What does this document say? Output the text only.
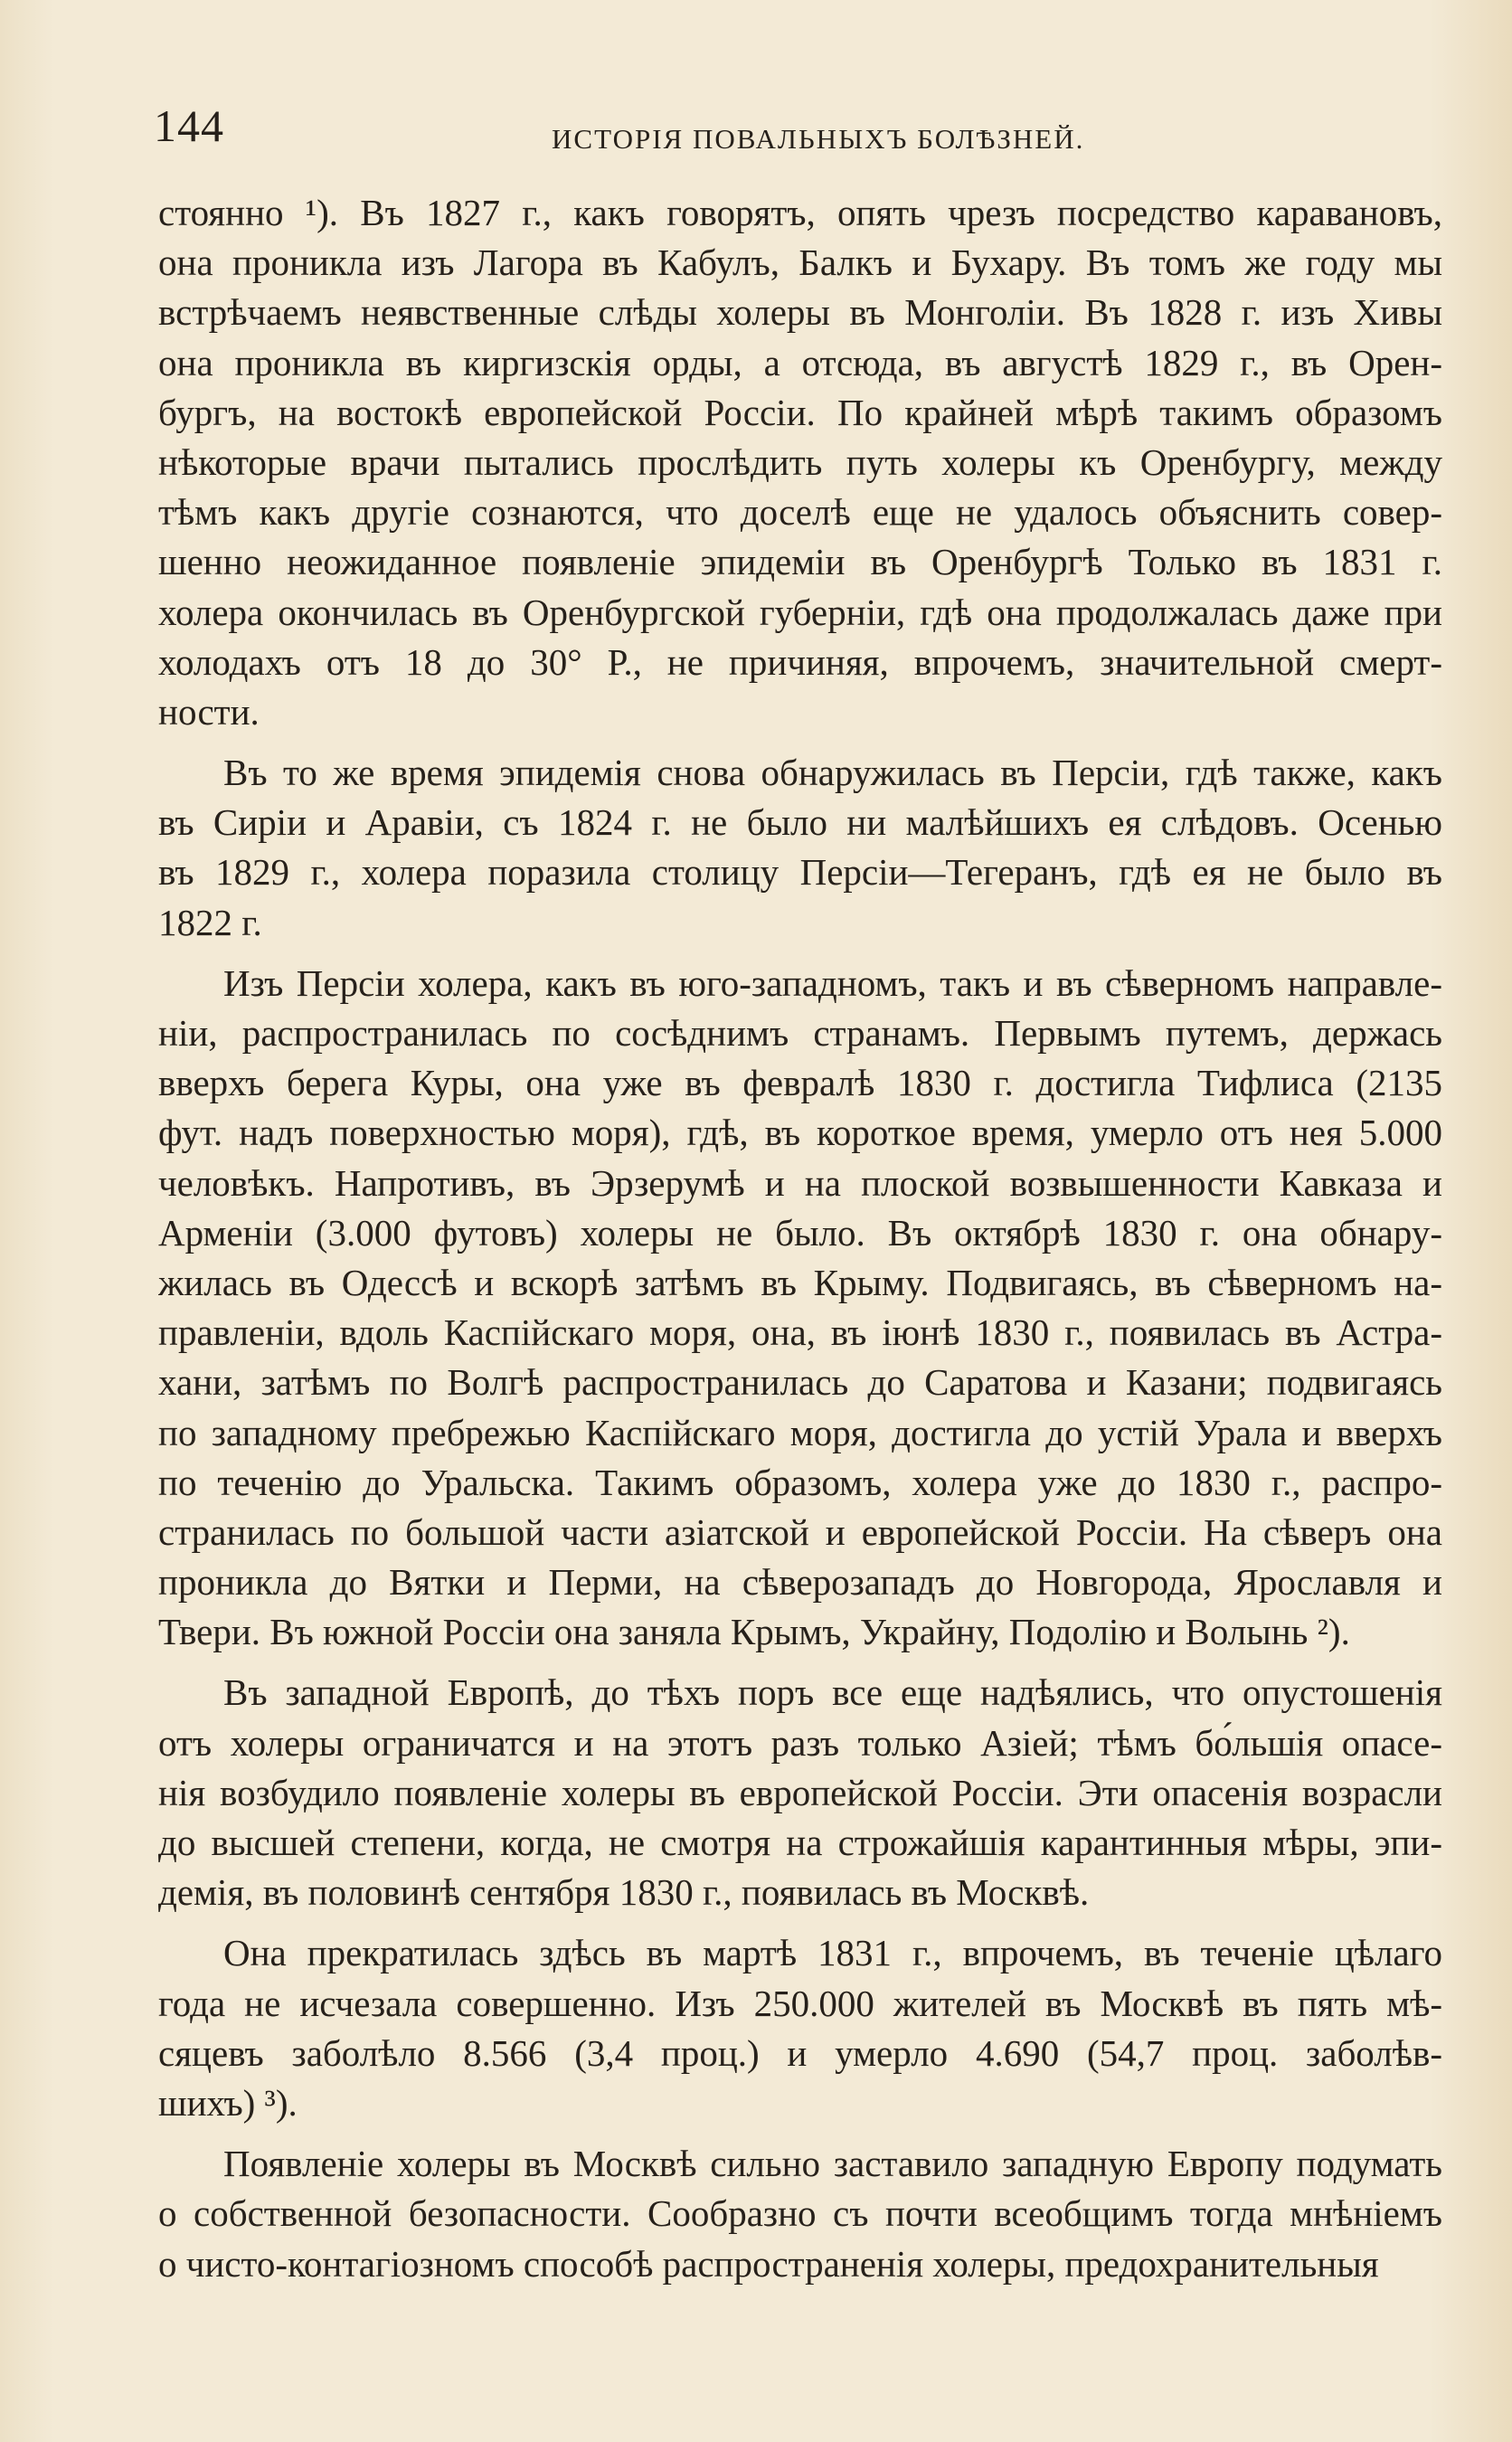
144	ИСТОРІЯ ПОВАЛЬНЫХЪ БОЛѢЗНЕЙ.
стоянно ¹). Въ 1827 г., какъ говорятъ, опять чрезъ посредство каравановъ,
она проникла изъ Лагора въ Кабулъ, Балкъ и Бухару. Въ томъ же году мы
встрѣчаемъ неявственные слѣды холеры въ Монголіи. Въ 1828 г. изъ Хивы
она проникла въ киргизскія орды, а отсюда, въ августѣ 1829 г., въ Орен-
бургъ, на востокѣ европейской Россіи. По крайней мѣрѣ такимъ образомъ
нѣкоторые врачи пытались прослѣдить путь холеры къ Оренбургу, между
тѣмъ какъ другіе сознаются, что доселѣ еще не удалось объяснить совер-
шенно неожиданное появленіе эпидеміи въ Оренбургѣ Только въ 1831 г.
холера окончилась въ Оренбургской губерніи, гдѣ она продолжалась даже при
холодахъ отъ 18 до 30° Р., не причиняя, впрочемъ, значительной смерт-
ности.
Въ то же время эпидемія снова обнаружилась въ Персіи, гдѣ также, какъ
въ Сиріи и Аравіи, съ 1824 г. не было ни малѣйшихъ ея слѣдовъ. Осенью
въ 1829 г., холера поразила столицу Персіи—Тегеранъ, гдѣ ея не было въ
1822 г.
Изъ Персіи холера, какъ въ юго-западномъ, такъ и въ сѣверномъ направле-
ніи, распространилась по сосѣднимъ странамъ. Первымъ путемъ, держась
вверхъ берега Куры, она уже въ февралѣ 1830 г. достигла Тифлиса (2135
фут. надъ поверхностью моря), гдѣ, въ короткое время, умерло отъ нея 5.000
человѣкъ. Напротивъ, въ Эрзерумѣ и на плоской возвышенности Кавказа и
Арменіи (3.000 футовъ) холеры не было. Въ октябрѣ 1830 г. она обнару-
жилась въ Одессѣ и вскорѣ затѣмъ въ Крыму. Подвигаясь, въ сѣверномъ на-
правленіи, вдоль Каспійскаго моря, она, въ іюнѣ 1830 г., появилась въ Астра-
хани, затѣмъ по Волгѣ распространилась до Саратова и Казани; подвигаясь
по западному пребрежью Каспійскаго моря, достигла до устій Урала и вверхъ
по теченію до Уральска. Такимъ образомъ, холера уже до 1830 г., распро-
странилась по большой части азіатской и европейской Россіи. На сѣверъ она
проникла до Вятки и Перми, на сѣверозападъ до Новгорода, Ярославля и
Твери. Въ южной Россіи она заняла Крымъ, Украйну, Подолію и Волынь ²).
Въ западной Европѣ, до тѣхъ поръ все еще надѣялись, что опустошенія
отъ холеры ограничатся и на этотъ разъ только Азіей; тѣмъ бо́льшія опасе-
нія возбудило появленіе холеры въ европейской Россіи. Эти опасенія возрасли
до высшей степени, когда, не смотря на строжайшія карантинныя мѣры, эпи-
демія, въ половинѣ сентября 1830 г., появилась въ Москвѣ.
Она прекратилась здѣсь въ мартѣ 1831 г., впрочемъ, въ теченіе цѣлаго
года не исчезала совершенно. Изъ 250.000 жителей въ Москвѣ въ пять мѣ-
сяцевъ заболѣло 8.566 (3,4 проц.) и умерло 4.690 (54,7 проц. заболѣв-
шихъ) ³).
Появленіе холеры въ Москвѣ сильно заставило западную Европу подумать
о собственной безопасности. Сообразно съ почти всеобщимъ тогда мнѣніемъ
о чисто-контагіозномъ способѣ распространенія холеры, предохранительныя
